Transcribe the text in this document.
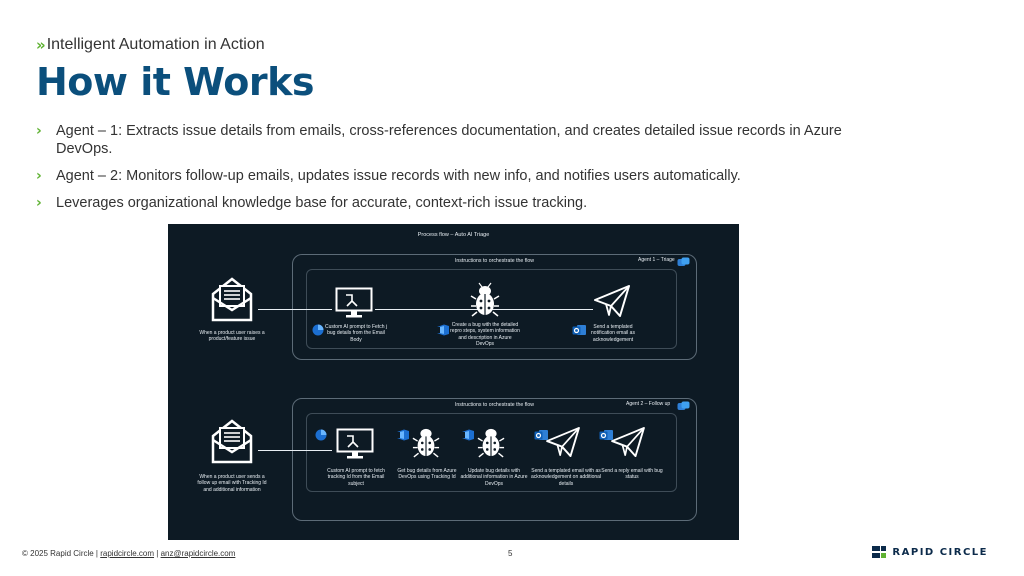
» Intelligent Automation in Action
How it Works
› Agent – 1: Extracts issue details from emails, cross-references documentation, and creates detailed issue records in Azure DevOps.
› Agent – 2: Monitors follow-up emails, updates issue records with new info, and notifies users automatically.
› Leverages organizational knowledge base for accurate, context-rich issue tracking.
Process flow – Auto AI Triage
Instructions to orchestrate the flow	Agent 1 – Triage
When a product user raises a product/feature issue
Custom AI prompt to Fetch j bug details from the Email Body
Create a bug with the detailed repro steps, system information and description in Azure DevOps
Send a templated notification email as acknowledgement
Instructions to orchestrate the flow	Agent 2 – Follow up
When a product user sends a follow up email with Tracking Id and additional information
Custom AI prompt to fetch tracking Id from the Email subject
Get bug details from Azure DevOps using Tracking Id
Update bug details with additional information in Azure DevOps
Send a templated email with as acknowledgement on additional details
Send a reply email with bug status
© 2025 Rapid Circle | rapidcircle.com | anz@rapidcircle.com	5	RAPID CIRCLE
